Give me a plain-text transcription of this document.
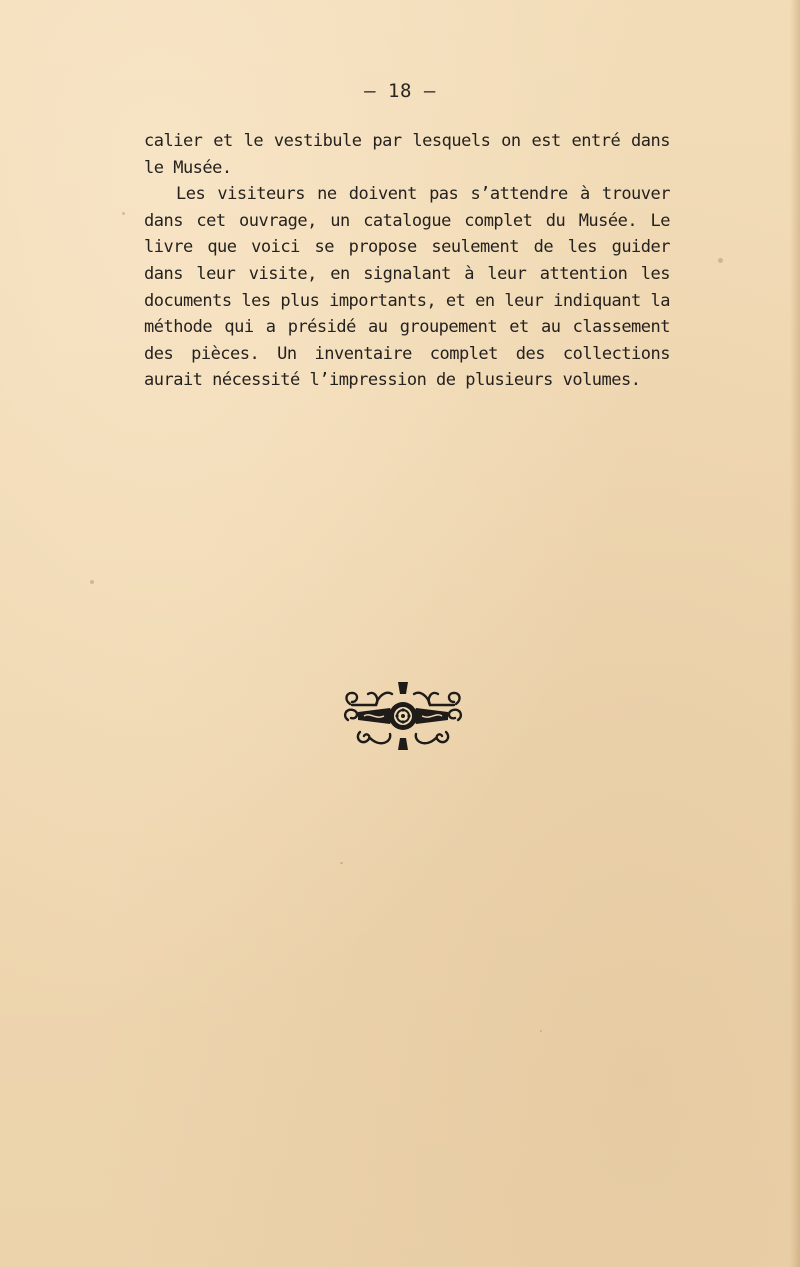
— 18 —

calier et le vestibule par lesquels on est entré dans le Musée.

Les visiteurs ne doivent pas s’attendre à trouver dans cet ouvrage, un catalogue complet du Musée. Le livre que voici se propose seulement de les guider dans leur visite, en signalant à leur attention les documents les plus importants, et en leur indiquant la méthode qui a présidé au groupement et au classement des pièces. Un inventaire complet des collections aurait nécessité l’impression de plusieurs volumes.
